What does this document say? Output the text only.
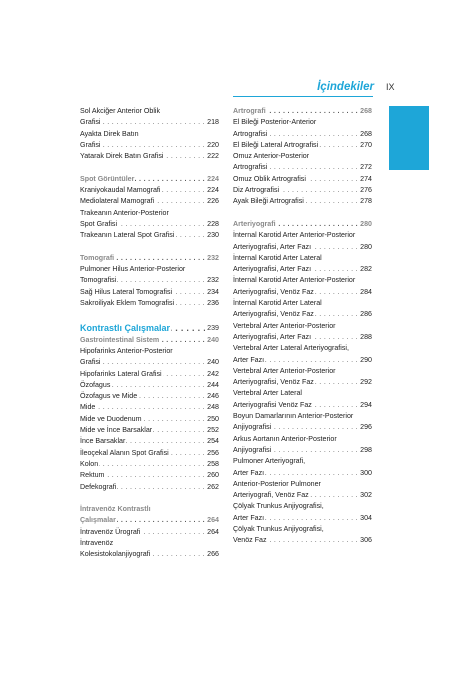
İçindekiler IX
Sol Akciğer Anterior Oblik
. . . Grafisi	218
Ayakta Direk Batın
. . . Grafisi	220
. . . Yatarak Direk Batın Grafisi	222
. . . Spot Görüntüler	224
. . . Kraniyokaudal Mamografi	224
. . . Mediolateral Mamografi	226
Trakeanın Anterior-Posterior
. . . Spot Grafisi	228
. . . Trakeanın Lateral Spot Grafisi	230
. . . Tomografi	232
Pulmoner Hilus Anterior-Posterior
. . . Tomografisi	232
. . . Sağ Hilus Lateral Tomografisi	234
. . . Sakroiliyak Eklem Tomografisi	236
. . . Kontrastlı Çalışmalar	239
. . . Gastrointestinal Sistem	240
Hipofarinks Anterior-Posterior
. . . Grafisi	240
. . . Hipofarinks Lateral Grafisi	242
. . . Özofagus	244
. . . Özofagus ve Mide	246
. . . Mide	248
. . . Mide ve Duodenum	250
. . . Mide ve İnce Barsaklar	252
. . . İnce Barsaklar	254
. . . İleoçekal Alanın Spot Grafisi	256
. . . Kolon	258
. . . Rektum	260
. . . Defekografi	262
İntravenöz Kontrastlı
. . . Çalışmalar	264
. . . İntravenöz Ürografi	264
İntravenöz
. . . Kolesistokolanjiyografi	266
. . . Artrografi	268
El Bileği Posterior-Anterior
. . . Artrografisi	268
. . . El Bileği Lateral Artrografisi	270
Omuz Anterior-Posterior
. . . Artrografisi	272
. . . Omuz Oblik Artrografisi	274
. . . Diz Artrografisi	276
. . . Ayak Bileği Artrografisi	278
. . . Arteriyografi	280
İnternal Karotid Arter Anterior-Posterior
. . . Arteriyografisi, Arter Fazı	280
İnternal Karotid Arter Lateral
. . . Arteriyografisi, Arter Fazı	282
İnternal Karotid Arter Anterior-Posterior
. . . Arteriyografisi, Venöz Faz	284
İnternal Karotid Arter Lateral
. . . Arteriyografisi, Venöz Faz	286
Vertebral Arter Anterior-Posterior
. . . Arteriyografisi, Arter Fazı	288
Vertebral Arter Lateral Arteriyografisi,
. . . Arter Fazı	290
Vertebral Arter Anterior-Posterior
. . . Arteriyografisi, Venöz Faz	292
Vertebral Arter Lateral
. . . Arteriyografisi Venöz Faz	294
Boyun Damarlarının Anterior-Posterior
. . . Anjiyografisi	296
Arkus Aortanın Anterior-Posterior
. . . Anjiyografisi	298
Pulmoner Arteriyografi,
. . . Arter Fazı	300
Anterior-Posterior Pulmoner
. . . Arteriyografi, Venöz Faz	302
Çölyak Trunkus Anjiyografisi,
. . . Arter Fazı	304
Çölyak Trunkus Anjiyografisi,
. . . Venöz Faz	306
